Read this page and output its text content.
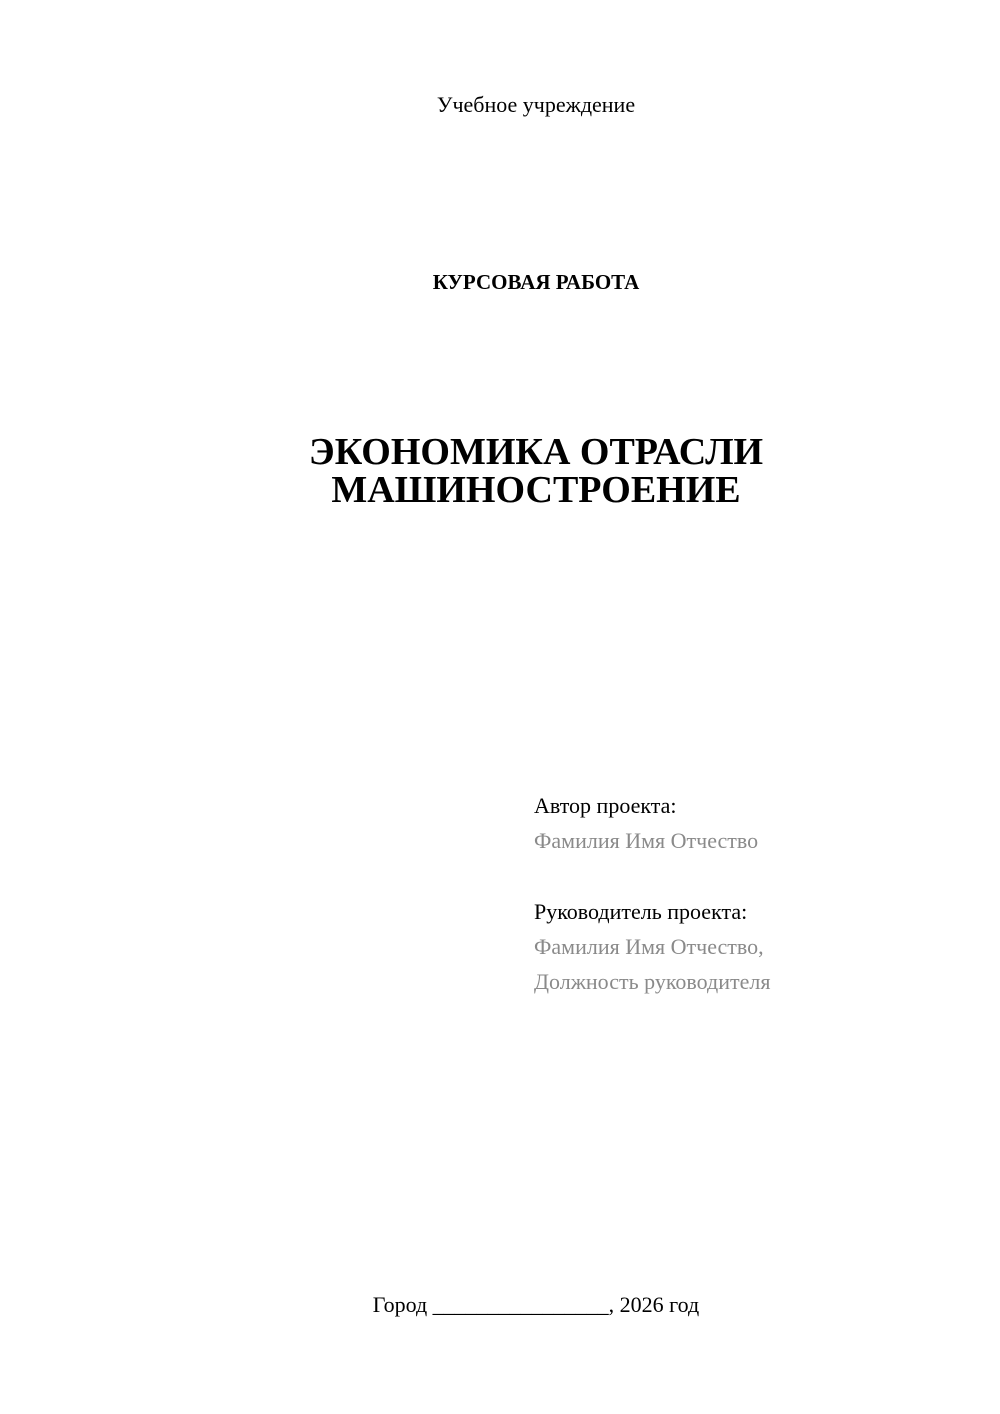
Учебное учреждение
КУРСОВАЯ РАБОТА
ЭКОНОМИКА ОТРАСЛИ
МАШИНОСТРОЕНИЕ
Автор проекта:
Фамилия Имя Отчество
Руководитель проекта:
Фамилия Имя Отчество,
Должность руководителя
Город ________________, 2026 год
